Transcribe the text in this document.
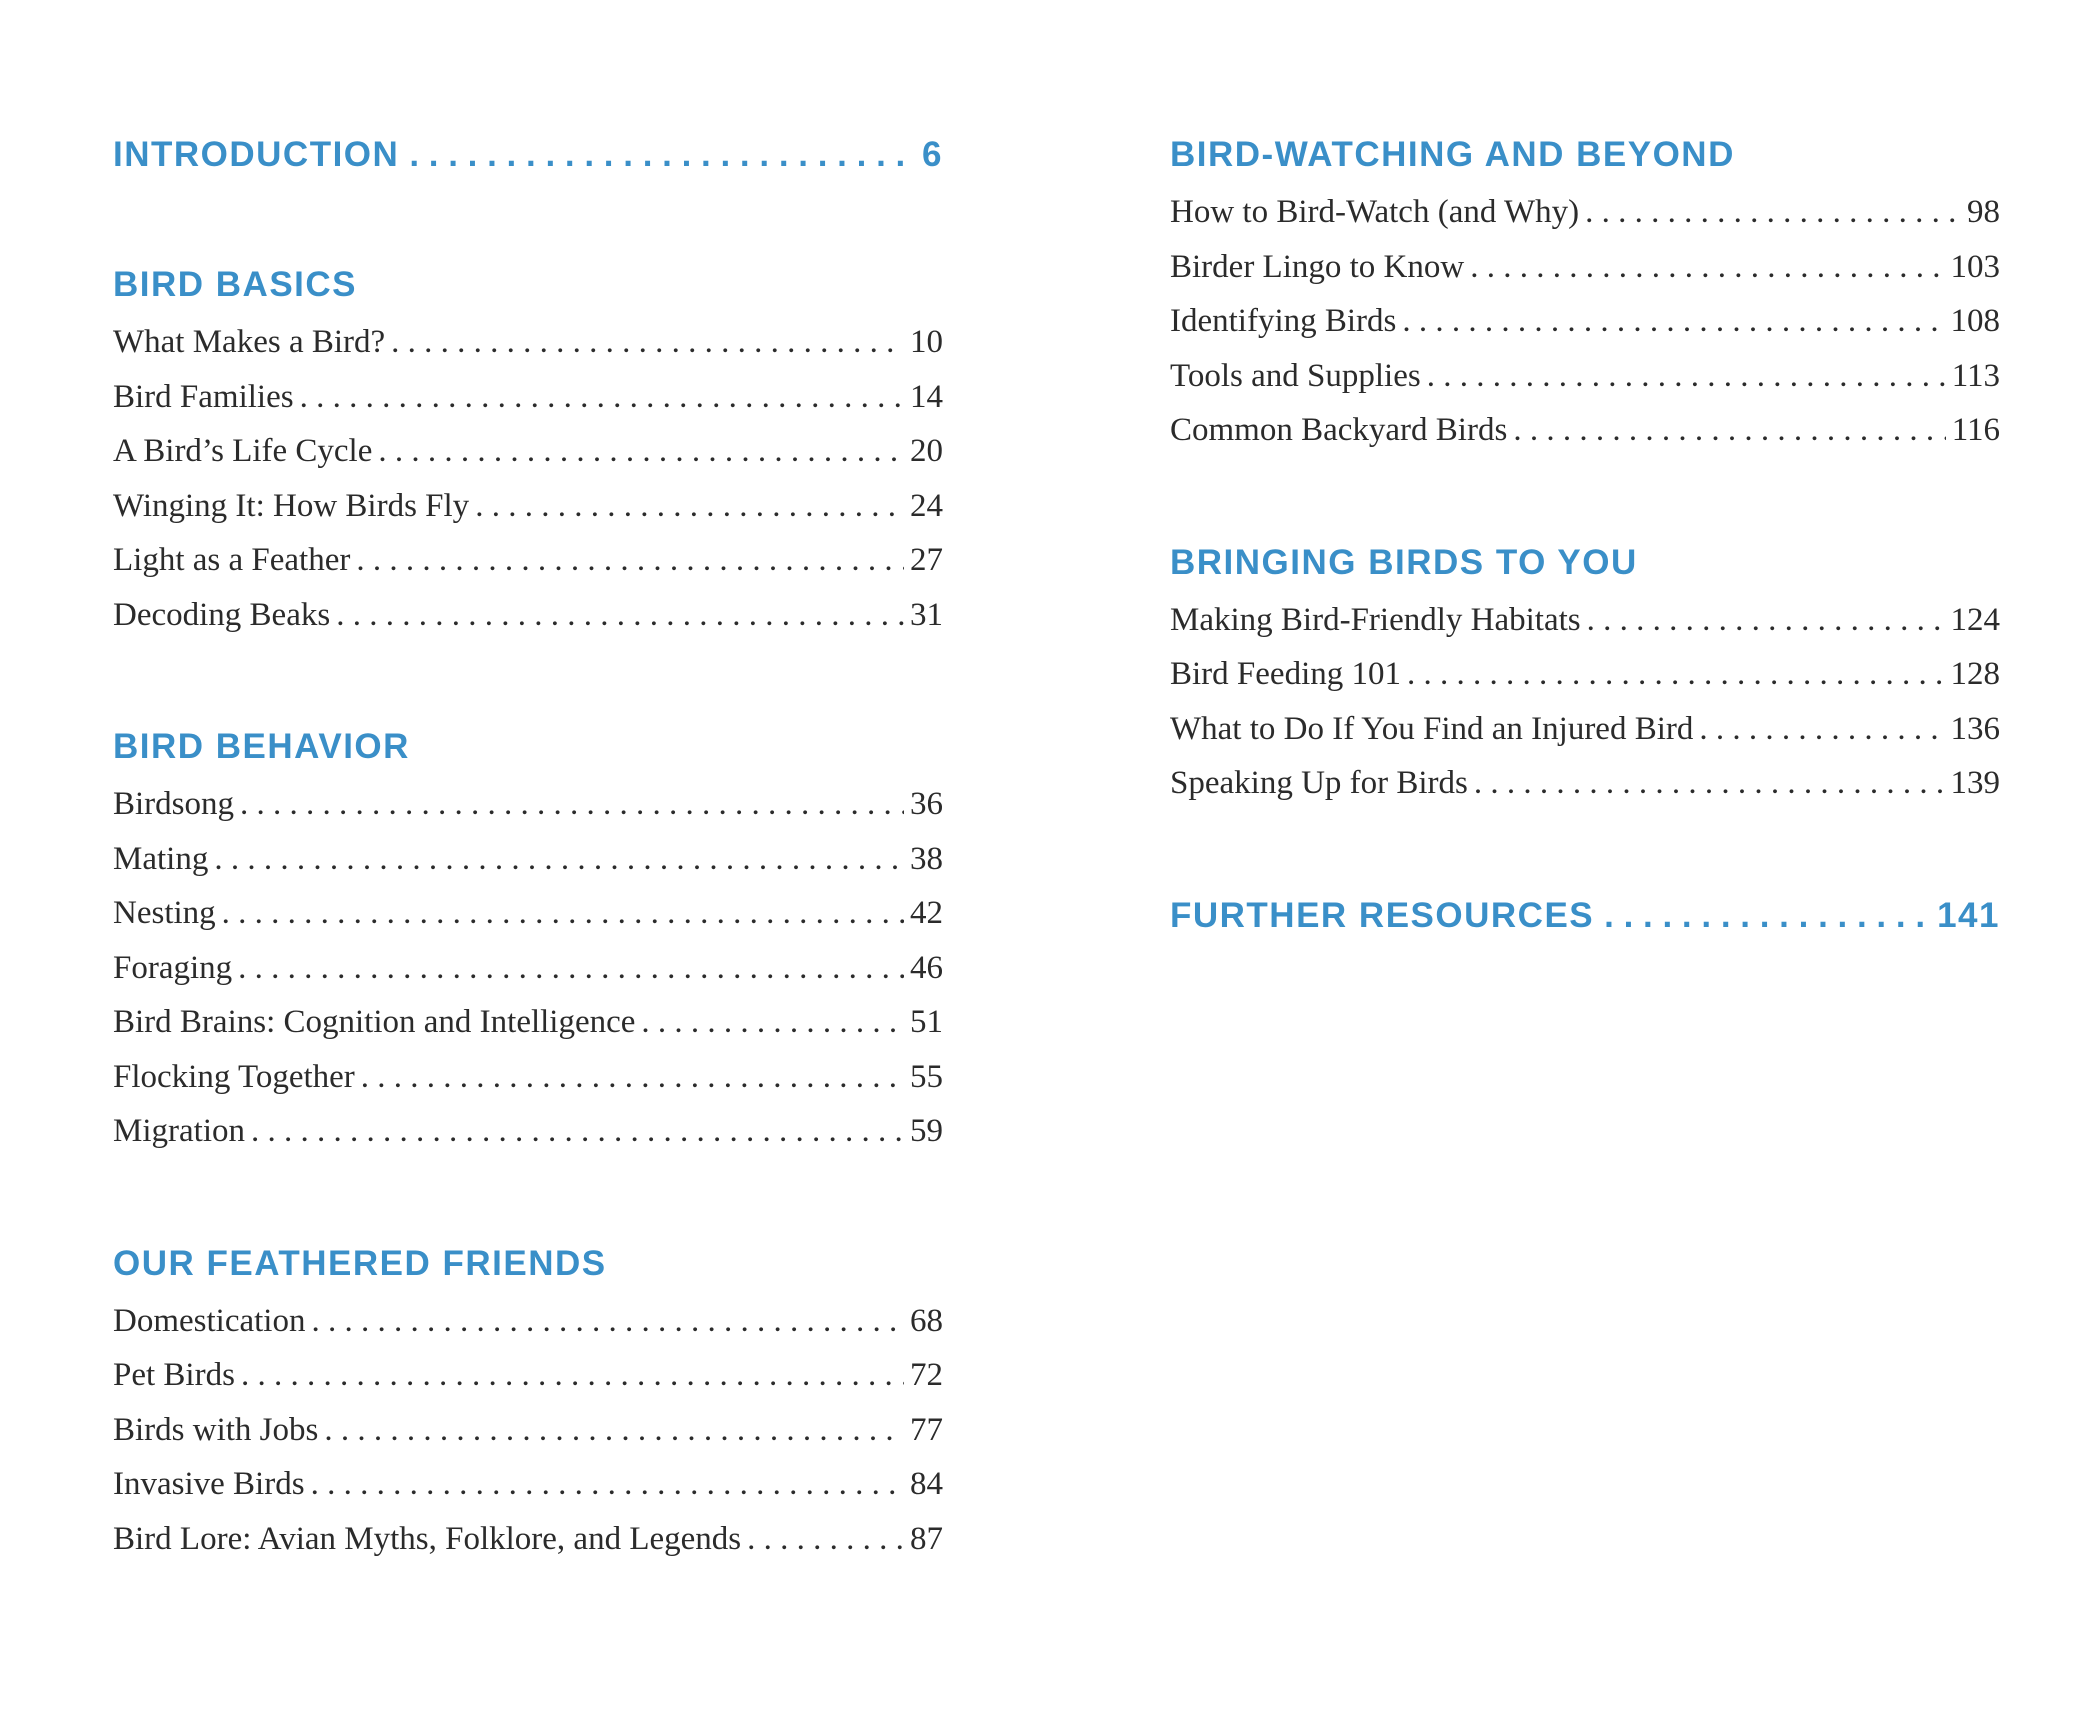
INTRODUCTION . . .	6
BIRD BASICS
What Makes a Bird? . . .	10
Bird Families . . .	14
A Bird’s Life Cycle . . .	20
Winging It: How Birds Fly . . .	24
Light as a Feather . . .	27
Decoding Beaks . . .	31
BIRD BEHAVIOR
Birdsong . . .	36
Mating . . .	38
Nesting . . .	42
Foraging . . .	46
Bird Brains: Cognition and Intelligence . . .	51
Flocking Together . . .	55
Migration . . .	59
OUR FEATHERED FRIENDS
Domestication . . .	68
Pet Birds . . .	72
Birds with Jobs . . .	77
Invasive Birds . . .	84
Bird Lore: Avian Myths, Folklore, and Legends . . .	87
BIRD-WATCHING AND BEYOND
How to Bird-Watch (and Why) . . .	98
Birder Lingo to Know . . .	103
Identifying Birds . . .	108
Tools and Supplies . . .	113
Common Backyard Birds . . .	116
BRINGING BIRDS TO YOU
Making Bird-Friendly Habitats . . .	124
Bird Feeding 101 . . .	128
What to Do If You Find an Injured Bird . . .	136
Speaking Up for Birds . . .	139
FURTHER RESOURCES . . .	141
